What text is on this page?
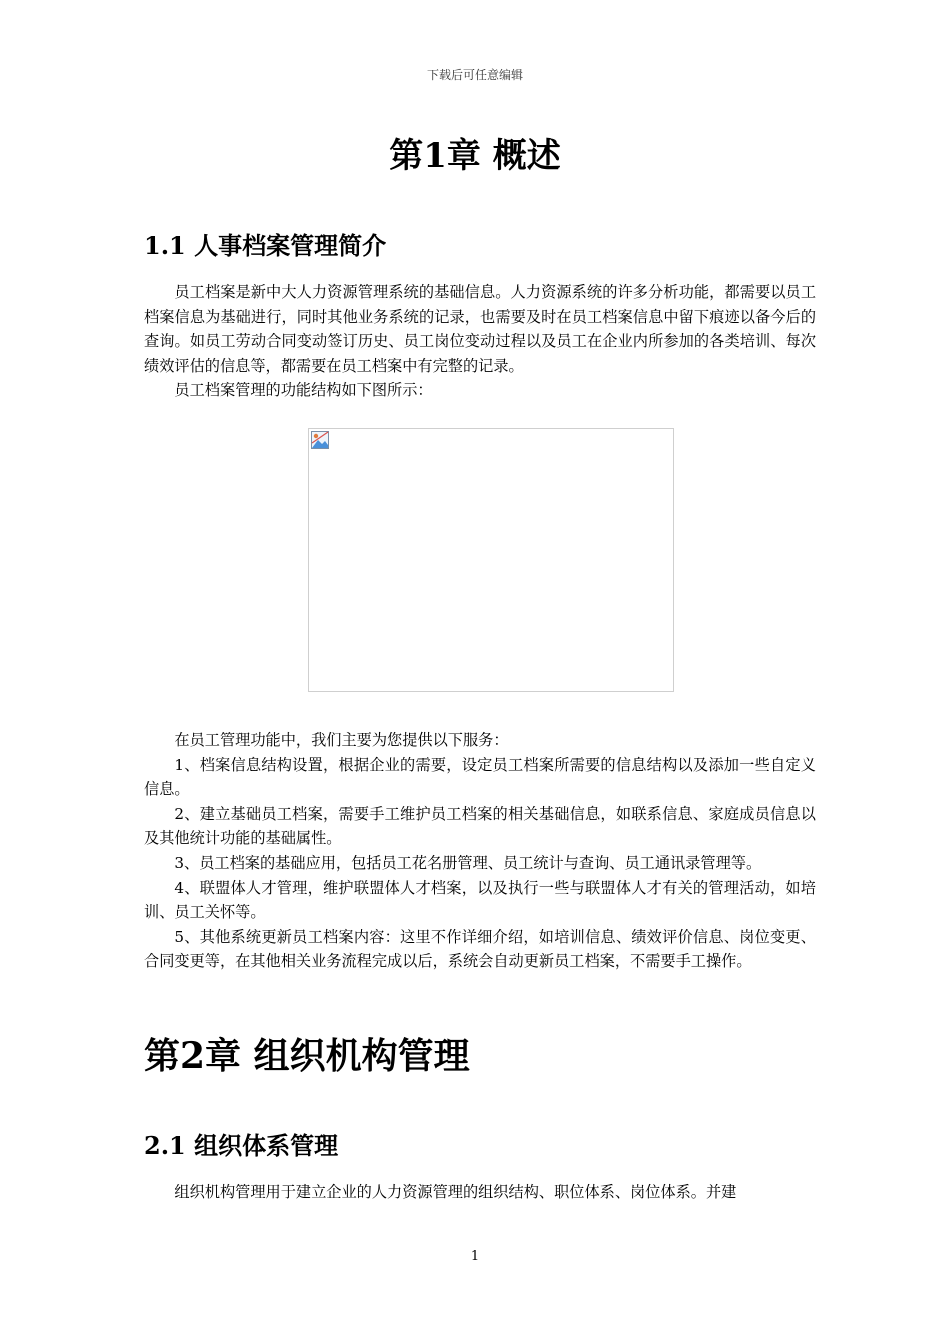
下载后可任意编辑
第1章 概述
1.1 人事档案管理简介

员工档案是新中大人力资源管理系统的基础信息。人力资源系统的许多分析功能，都需要以员工档案信息为基础进行，同时其他业务系统的记录，也需要及时在员工档案信息中留下痕迹以备今后的查询。如员工劳动合同变动签订历史、员工岗位变动过程以及员工在企业内所参加的各类培训、每次绩效评估的信息等，都需要在员工档案中有完整的记录。

员工档案管理的功能结构如下图所示：

在员工管理功能中，我们主要为您提供以下服务：

1、档案信息结构设置，根据企业的需要，设定员工档案所需要的信息结构以及添加一些自定义信息。

2、建立基础员工档案，需要手工维护员工档案的相关基础信息，如联系信息、家庭成员信息以及其他统计功能的基础属性。

3、员工档案的基础应用，包括员工花名册管理、员工统计与查询、员工通讯录管理等。

4、联盟体人才管理，维护联盟体人才档案，以及执行一些与联盟体人才有关的管理活动，如培训、员工关怀等。

5、其他系统更新员工档案内容：这里不作详细介绍，如培训信息、绩效评价信息、岗位变更、合同变更等，在其他相关业务流程完成以后，系统会自动更新员工档案，不需要手工操作。

第2章 组织机构管理
2.1 组织体系管理

组织机构管理用于建立企业的人力资源管理的组织结构、职位体系、岗位体系。并建

1
